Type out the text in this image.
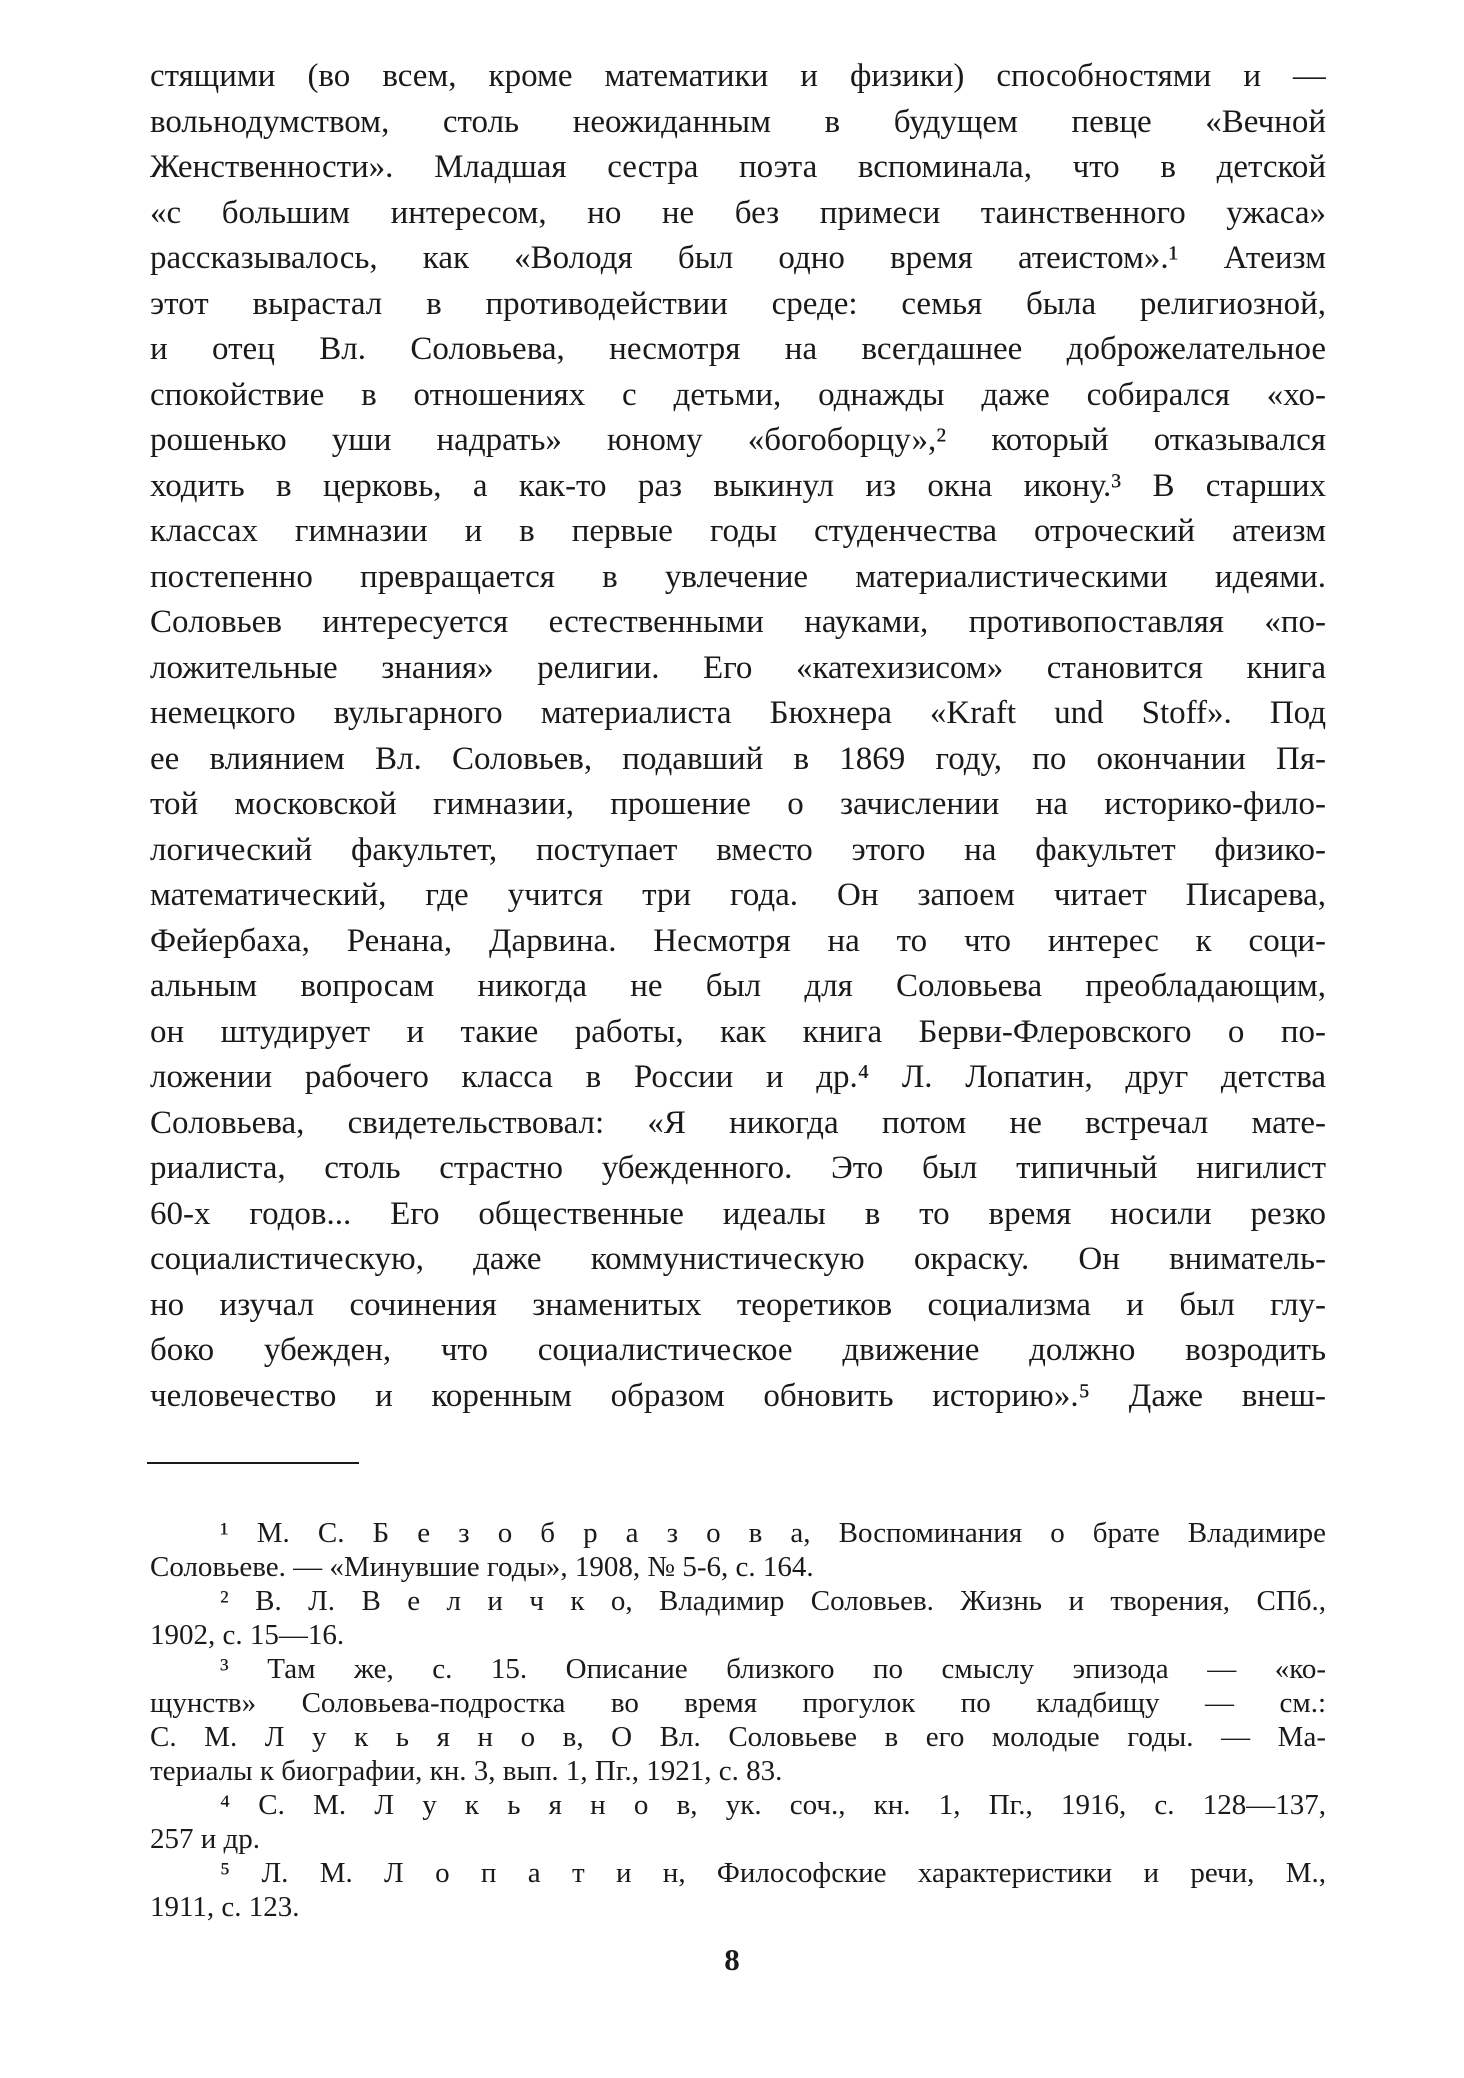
стящими (во всем, кроме математики и физики) способностями и —
вольнодумством, столь неожиданным в будущем певце «Вечной
Женственности». Младшая сестра поэта вспоминала, что в детской
«с большим интересом, но не без примеси таинственного ужаса»
рассказывалось, как «Володя был одно время атеистом».¹ Атеизм
этот вырастал в противодействии среде: семья была религиозной,
и отец Вл. Соловьева, несмотря на всегдашнее доброжелательное
спокойствие в отношениях с детьми, однажды даже собирался «хо-
рошенько уши надрать» юному «богоборцу»,² который отказывался
ходить в церковь, а как-то раз выкинул из окна икону.³ В старших
классах гимназии и в первые годы студенчества отроческий атеизм
постепенно превращается в увлечение материалистическими идеями.
Соловьев интересуется естественными науками, противопоставляя «по-
ложительные знания» религии. Его «катехизисом» становится книга
немецкого вульгарного материалиста Бюхнера «Kraft und Stoff». Под
ее влиянием Вл. Соловьев, подавший в 1869 году, по окончании Пя-
той московской гимназии, прошение о зачислении на историко-фило-
логический факультет, поступает вместо этого на факультет физико-
математический, где учится три года. Он запоем читает Писарева,
Фейербаха, Ренана, Дарвина. Несмотря на то что интерес к соци-
альным вопросам никогда не был для Соловьева преобладающим,
он штудирует и такие работы, как книга Берви-Флеровского о по-
ложении рабочего класса в России и др.⁴ Л. Лопатин, друг детства
Соловьева, свидетельствовал: «Я никогда потом не встречал мате-
риалиста, столь страстно убежденного. Это был типичный нигилист
60-х годов... Его общественные идеалы в то время носили резко
социалистическую, даже коммунистическую окраску. Он вниматель-
но изучал сочинения знаменитых теоретиков социализма и был глу-
боко убежден, что социалистическое движение должно возродить
человечество и коренным образом обновить историю».⁵ Даже внеш-
¹ М. С. Б е з о б р а з о в а, Воспоминания о брате Владимире
Соловьеве. — «Минувшие годы», 1908, № 5-6, с. 164.
² В. Л. В е л и ч к о, Владимир Соловьев. Жизнь и творения, СПб.,
1902, с. 15—16.
³ Там же, с. 15. Описание близкого по смыслу эпизода — «ко-
щунств» Соловьева-подростка во время прогулок по кладбищу — см.:
С. М. Л у к ь я н о в, О Вл. Соловьеве в его молодые годы. — Ма-
териалы к биографии, кн. 3, вып. 1, Пг., 1921, с. 83.
⁴ С. М. Л у к ь я н о в, ук. соч., кн. 1, Пг., 1916, с. 128—137,
257 и др.
⁵ Л. М. Л о п а т и н, Философские характеристики и речи, М.,
1911, с. 123.
8
